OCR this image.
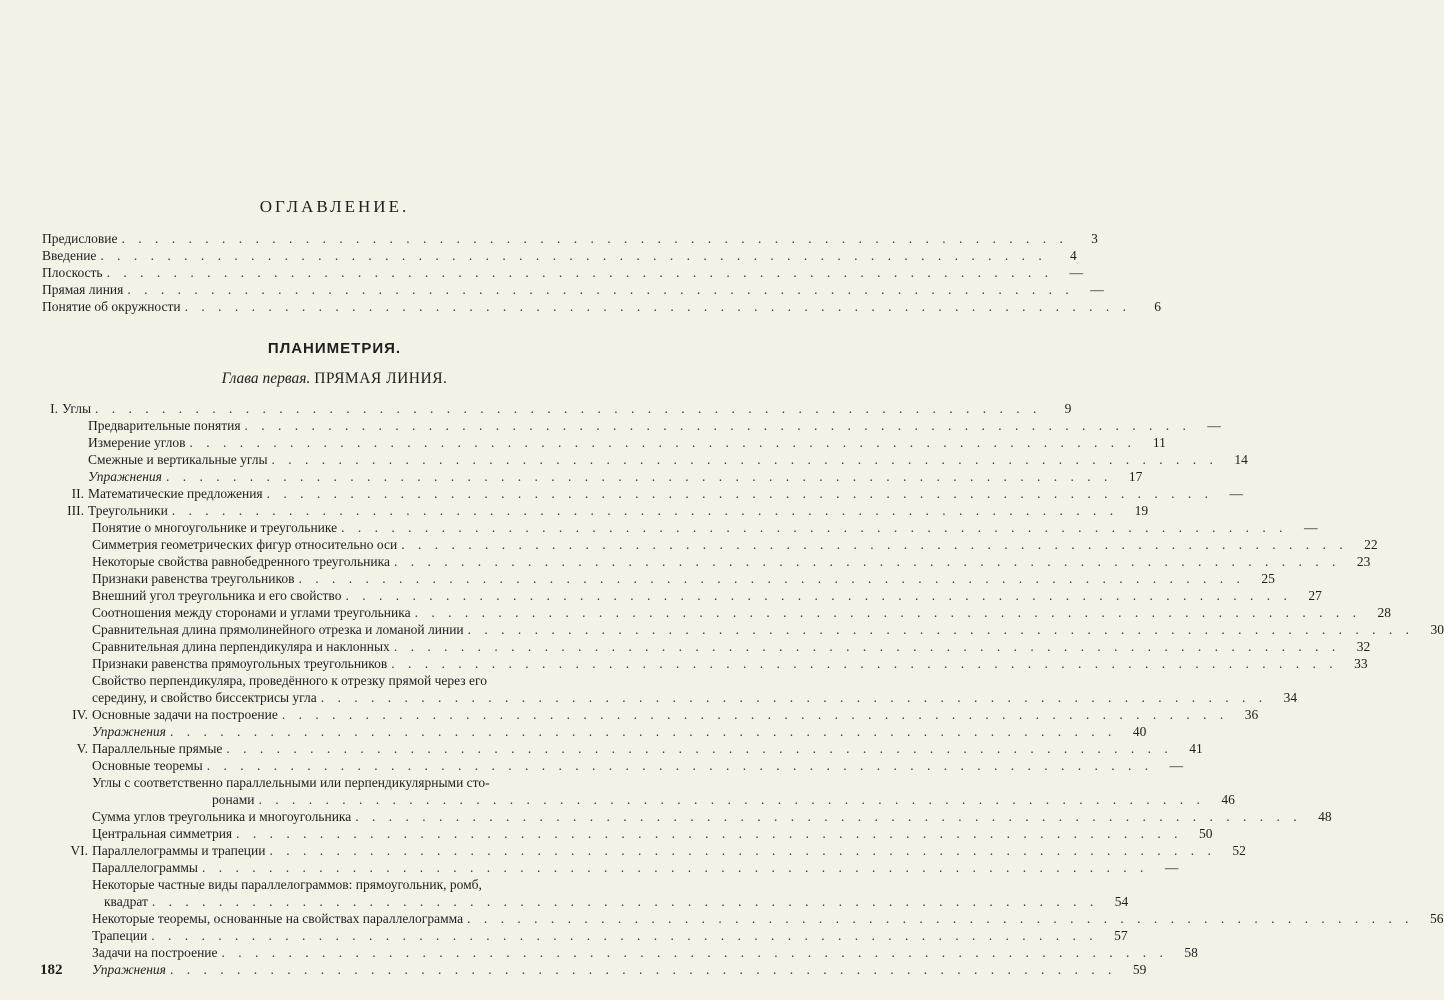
ОГЛАВЛЕНИЕ.
Предисловие . . . . . . . . . . . . . . . . . . . . . . . . . . . . . . . . . . . . . . . . . . . . . . . . . . . . . . . . .	3
Введение . . . . . . . . . . . . . . . . . . . . . . . . . . . . . . . . . . . . . . . . . . . . . . . . . . . . . . . . .	4
Плоскость . . . . . . . . . . . . . . . . . . . . . . . . . . . . . . . . . . . . . . . . . . . . . . . . . . . . . . . . .	—
Прямая линия . . . . . . . . . . . . . . . . . . . . . . . . . . . . . . . . . . . . . . . . . . . . . . . . . . . . . . . . .	—
Понятие об окружности . . . . . . . . . . . . . . . . . . . . . . . . . . . . . . . . . . . . . . . . . . . . . . . . . . . . . . . . .	6
ПЛАНИМЕТРИЯ.
Глава первая. ПРЯМАЯ ЛИНИЯ.
I. Углы . . . . . . . . . . . . . . . . . . . . . . . . . . . . . . . . . . . . . . . . . . . . . . . . . . . . . . . . .	9
Предварительные понятия . . . . . . . . . . . . . . . . . . . . . . . . . . . . . . . . . . . . . . . . . . . . . . . . . . . . . . . . .	—
Измерение углов . . . . . . . . . . . . . . . . . . . . . . . . . . . . . . . . . . . . . . . . . . . . . . . . . . . . . . . . .	11
Смежные и вертикальные углы . . . . . . . . . . . . . . . . . . . . . . . . . . . . . . . . . . . . . . . . . . . . . . . . . . . . . . . . .	14
Упражнения . . . . . . . . . . . . . . . . . . . . . . . . . . . . . . . . . . . . . . . . . . . . . . . . . . . . . . . . .	17
II. Математические предложения . . . . . . . . . . . . . . . . . . . . . . . . . . . . . . . . . . . . . . . . . . . . . . . . . . . . . . . . .	—
III. Треугольники . . . . . . . . . . . . . . . . . . . . . . . . . . . . . . . . . . . . . . . . . . . . . . . . . . . . . . . . .	19
Понятие о многоугольнике и треугольнике . . . . . . . . . . . . . . . . . . . . . . . . . . . . . . . . . . . . . . . . . . . . . . . . . . . . . . . . .	—
Симметрия геометрических фигур относительно оси . . . . . . . . . . . . . . . . . . . . . . . . . . . . . . . . . . . . . . . . . . . . . . . . . . . . . . . . .	22
Некоторые свойства равнобедренного треугольника . . . . . . . . . . . . . . . . . . . . . . . . . . . . . . . . . . . . . . . . . . . . . . . . . . . . . . . . .	23
Признаки равенства треугольников . . . . . . . . . . . . . . . . . . . . . . . . . . . . . . . . . . . . . . . . . . . . . . . . . . . . . . . . .	25
Внешний угол треугольника и его свойство . . . . . . . . . . . . . . . . . . . . . . . . . . . . . . . . . . . . . . . . . . . . . . . . . . . . . . . . .	27
Соотношения между сторонами и углами треугольника . . . . . . . . . . . . . . . . . . . . . . . . . . . . . . . . . . . . . . . . . . . . . . . . . . . . . . . . .	28
Сравнительная длина прямолинейного отрезка и ломаной линии . . . . . . . . . . . . . . . . . . . . . . . . . . . . . . . . . . . . . . . . . . . . . . . . . . . . . . . . .	30
Сравнительная длина перпендикуляра и наклонных . . . . . . . . . . . . . . . . . . . . . . . . . . . . . . . . . . . . . . . . . . . . . . . . . . . . . . . . .	32
Признаки равенства прямоугольных треугольников . . . . . . . . . . . . . . . . . . . . . . . . . . . . . . . . . . . . . . . . . . . . . . . . . . . . . . . . .	33
Свойство перпендикуляра, проведённого к отрезку прямой через его
середину, и свойство биссектрисы угла . . . . . . . . . . . . . . . . . . . . . . . . . . . . . . . . . . . . . . . . . . . . . . . . . . . . . . . . .	34
IV. Основные задачи на построение . . . . . . . . . . . . . . . . . . . . . . . . . . . . . . . . . . . . . . . . . . . . . . . . . . . . . . . . .	36
Упражнения . . . . . . . . . . . . . . . . . . . . . . . . . . . . . . . . . . . . . . . . . . . . . . . . . . . . . . . . .	40
V. Параллельные прямые . . . . . . . . . . . . . . . . . . . . . . . . . . . . . . . . . . . . . . . . . . . . . . . . . . . . . . . . .	41
Основные теоремы . . . . . . . . . . . . . . . . . . . . . . . . . . . . . . . . . . . . . . . . . . . . . . . . . . . . . . . . .	—
Углы с соответственно параллельными или перпендикулярными сто-
ронами . . . . . . . . . . . . . . . . . . . . . . . . . . . . . . . . . . . . . . . . . . . . . . . . . . . . . . . . .	46
Сумма углов треугольника и многоугольника . . . . . . . . . . . . . . . . . . . . . . . . . . . . . . . . . . . . . . . . . . . . . . . . . . . . . . . . .	48
Центральная симметрия . . . . . . . . . . . . . . . . . . . . . . . . . . . . . . . . . . . . . . . . . . . . . . . . . . . . . . . . .	50
VI. Параллелограммы и трапеции . . . . . . . . . . . . . . . . . . . . . . . . . . . . . . . . . . . . . . . . . . . . . . . . . . . . . . . . .	52
Параллелограммы . . . . . . . . . . . . . . . . . . . . . . . . . . . . . . . . . . . . . . . . . . . . . . . . . . . . . . . . .	—
Некоторые частные виды параллелограммов: прямоугольник, ромб,
квадрат . . . . . . . . . . . . . . . . . . . . . . . . . . . . . . . . . . . . . . . . . . . . . . . . . . . . . . . . .	54
Некоторые теоремы, основанные на свойствах параллелограмма . . . . . . . . . . . . . . . . . . . . . . . . . . . . . . . . . . . . . . . . . . . . . . . . . . . . . . . . .	56
Трапеции . . . . . . . . . . . . . . . . . . . . . . . . . . . . . . . . . . . . . . . . . . . . . . . . . . . . . . . . .	57
Задачи на построение . . . . . . . . . . . . . . . . . . . . . . . . . . . . . . . . . . . . . . . . . . . . . . . . . . . . . . . . .	58
Упражнения . . . . . . . . . . . . . . . . . . . . . . . . . . . . . . . . . . . . . . . . . . . . . . . . . . . . . . . . .	59
182
